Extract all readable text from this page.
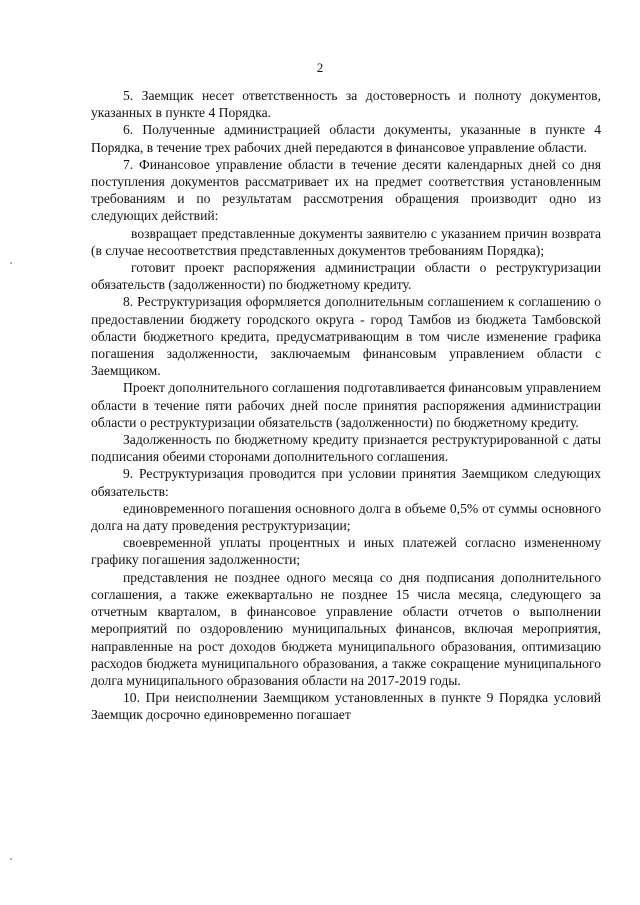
2

5. Заемщик несет ответственность за достоверность и полноту документов, указанных в пункте 4 Порядка.

6. Полученные администрацией области документы, указанные в пункте 4 Порядка, в течение трех рабочих дней передаются в финансовое управление области.

7. Финансовое управление области в течение десяти календарных дней со дня поступления документов рассматривает их на предмет соответствия установленным требованиям и по результатам рассмотрения обращения производит одно из следующих действий:

возвращает представленные документы заявителю с указанием причин возврата (в случае несоответствия представленных документов требованиям Порядка);

готовит проект распоряжения администрации области о реструктуризации обязательств (задолженности) по бюджетному кредиту.

8. Реструктуризация оформляется дополнительным соглашением к соглашению о предоставлении бюджету городского округа - город Тамбов из бюджета Тамбовской области бюджетного кредита, предусматривающим в том числе изменение графика погашения задолженности, заключаемым финансовым управлением области с Заемщиком.

Проект дополнительного соглашения подготавливается финансовым управлением области в течение пяти рабочих дней после принятия распоряжения администрации области о реструктуризации обязательств (задолженности) по бюджетному кредиту.

Задолженность по бюджетному кредиту признается реструктурированной с даты подписания обеими сторонами дополнительного соглашения.

9. Реструктуризация проводится при условии принятия Заемщиком следующих обязательств:

единовременного погашения основного долга в объеме 0,5% от суммы основного долга на дату проведения реструктуризации;

своевременной уплаты процентных и иных платежей согласно измененному графику погашения задолженности;

представления не позднее одного месяца со дня подписания дополнительного соглашения, а также ежеквартально не позднее 15 числа месяца, следующего за отчетным кварталом, в финансовое управление области отчетов о выполнении мероприятий по оздоровлению муниципальных финансов, включая мероприятия, направленные на рост доходов бюджета муниципального образования, оптимизацию расходов бюджета муниципального образования, а также сокращение муниципального долга муниципального образования области на 2017-2019 годы.

10. При неисполнении Заемщиком установленных в пункте 9 Порядка условий Заемщик досрочно единовременно погашает
